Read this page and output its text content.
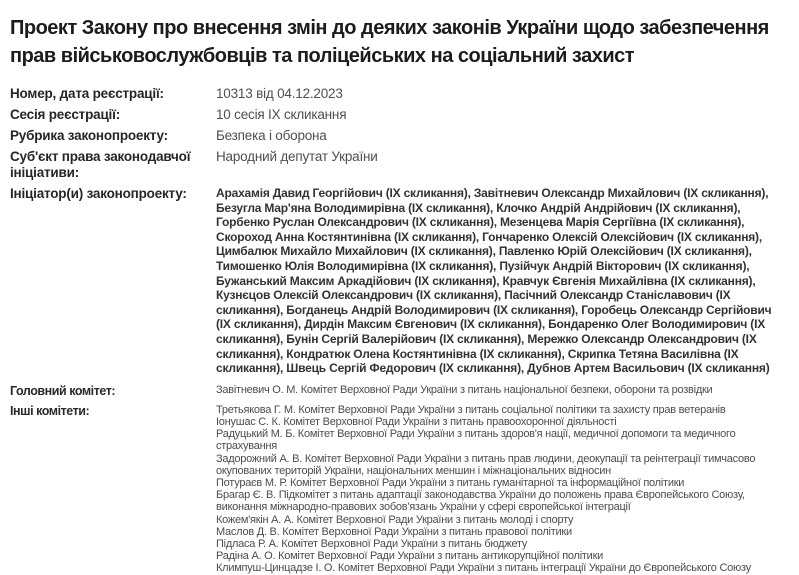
Проект Закону про внесення змін до деяких законів України щодо забезпечення прав військовослужбовців та поліцейських на соціальний захист
Номер, дата реєстрації:	10313 від 04.12.2023
Сесія реєстрації:	10 сесія IX скликання
Рубрика законопроекту:	Безпека і оборона
Суб'єкт права законодавчої ініціативи:
Народний депутат України
Ініціатор(и) законопроекту:	Арахамія Давид Георгійович (ІХ скликання), Завітневич Олександр Михайлович (ІХ скликання), Безугла Мар'яна Володимирівна (ІХ скликання), Клочко Андрій Андрійович (ІХ скликання), Горбенко Руслан Олександрович (ІХ скликання), Мезенцева Марія Сергіївна (ІХ скликання), Скороход Анна Костянтинівна (ІХ скликання), Гончаренко Олексій Олексійович (ІХ скликання), Цимбалюк Михайло Михайлович (ІХ скликання), Павленко Юрій Олексійович (ІХ скликання), Тимошенко Юлія Володимирівна (ІХ скликання), Пузійчук Андрій Вікторович (ІХ скликання), Бужанський Максим Аркадійович (ІХ скликання), Кравчук Євгенія Михайлівна (ІХ скликання), Кузнєцов Олексій Олександрович (ІХ скликання), Пасічний Олександр Станіславович (ІХ скликання), Богданець Андрій Володимирович (ІХ скликання), Горобець Олександр Сергійович (ІХ скликання), Дирдін Максим Євгенович (ІХ скликання), Бондаренко Олег Володимирович (ІХ скликання), Бунін Сергій Валерійович (ІХ скликання), Мережко Олександр Олександрович (ІХ скликання), Кондратюк Олена Костянтинівна (ІХ скликання), Скрипка Тетяна Василівна (ІХ скликання), Швець Сергій Федорович (ІХ скликання), Дубнов Артем Васильович (ІХ скликання)
Головний комітет:	Завітневич О. М. Комітет Верховної Ради України з питань національної безпеки, оборони та розвідки
Інші комітети:	Третьякова Г. М. Комітет Верховної Ради України з питань соціальної політики та захисту прав ветеранів
Іонушас С. К. Комітет Верховної Ради України з питань правоохоронної діяльності
Радуцький М. Б. Комітет Верховної Ради України з питань здоров'я нації, медичної допомоги та медичного страхування
Задорожний А. В. Комітет Верховної Ради України з питань прав людини, деокупації та реінтеграції тимчасово окупованих територій України, національних меншин і міжнаціональних відносин
Потураєв М. Р. Комітет Верховної Ради України з питань гуманітарної та інформаційної політики
Брагар Є. В. Підкомітет з питань адаптації законодавства України до положень права Європейського Союзу, виконання міжнародно-правових зобов'язань України у сфері європейської інтеграції
Кожем'якін А. А. Комітет Верховної Ради України з питань молоді і спорту
Маслов Д. В. Комітет Верховної Ради України з питань правової політики
Підласа Р. А. Комітет Верховної Ради України з питань бюджету
Радіна А. О. Комітет Верховної Ради України з питань антикорупційної політики
Климпуш-Цинцадзе І. О. Комітет Верховної Ради України з питань інтеграції України до Європейського Союзу
